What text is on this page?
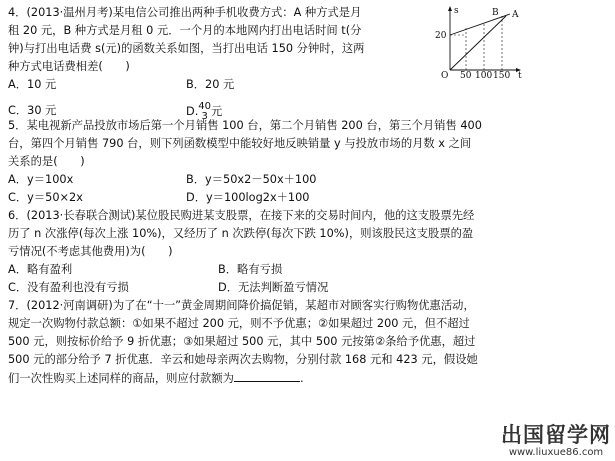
4．(2013·温州月考)某电信公司推出两种手机收费方式：A 种方式是月
租 20 元，B 种方式是月租 0 元．一个月的本地网内打出电话时间 t(分
钟)与打出电话费 s(元)的函数关系如图，当打出电话 150 分钟时，这两
种方式电话费相差(　　)
s
20
O 50 100 150 t
A
B
A．10 元	B．20 元
C．30 元	D. 40
3 元
5．某电视新产品投放市场后第一个月销售 100 台，第二个月销售 200 台，第三个月销售 400
台，第四个月销售 790 台，则下列函数模型中能较好地反映销量 y 与投放市场的月数 x 之间
关系的是(　　)
A．y＝100x	B．y＝50x2－50x＋100
C．y＝50×2x	D．y＝100log2x＋100
6．(2013·长春联合测试)某位股民购进某支股票，在接下来的交易时间内，他的这支股票先经
历了 n 次涨停(每次上涨 10%)，又经历了 n 次跌停(每次下跌 10%)，则该股民这支股票的盈
亏情况(不考虑其他费用)为(　　)
A．略有盈利	B．略有亏损
C．没有盈利也没有亏损	D．无法判断盈亏情况
7．(2012·河南调研)为了在“十一”黄金周期间降价搞促销，某超市对顾客实行购物优惠活动，
规定一次购物付款总额：①如果不超过 200 元，则不予优惠；②如果超过 200 元，但不超过
500 元，则按标价给予 9 折优惠；③如果超过 500 元，其中 500 元按第②条给予优惠，超过
500 元的部分给予 7 折优惠．辛云和她母亲两次去购物，分别付款 168 元和 423 元，假设她
们一次性购买上述同样的商品，则应付款额为	.
出国留学网
www.liuxue86.com
